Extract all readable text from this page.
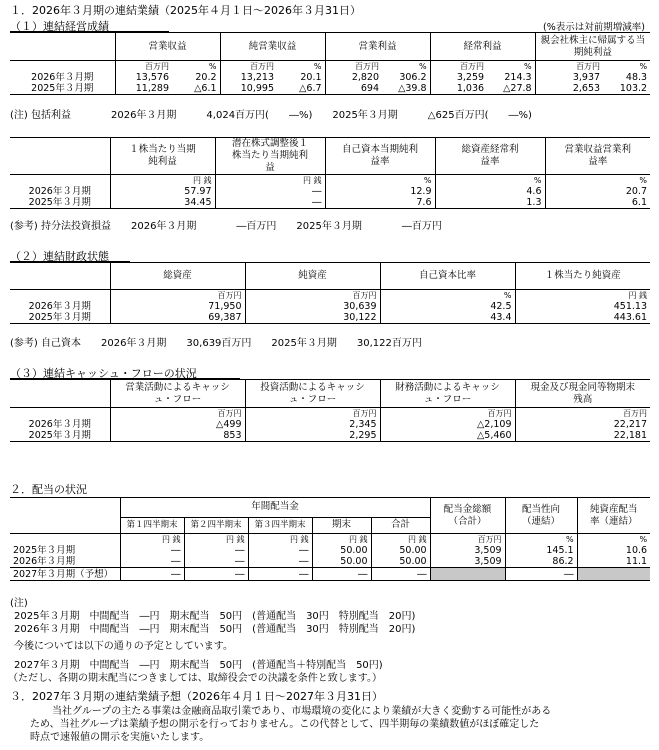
１．2026年３月期の連結業績（2025年４月１日～2026年３月31日）
（１）連結経営成績	(%表示は対前期増減率)
	営業収益		純営業収益		営業利益		経常利益		親会社株主に帰属する当期純利益	
	百万円	%	百万円	%	百万円	%	百万円	%	百万円	%
2026年３月期	13,576	20.2	13,213	20.1	2,820	306.2	3,259	214.3	3,937	48.3
2025年３月期	11,289	△6.1	10,995	△6.7	694	△39.8	1,036	△27.8	2,653	103.2
(注) 包括利益　　　　2026年３月期　　　4,024百万円(　　―%)　　2025年３月期　　　△625百万円(　　―%)
	１株当たり当期純利益	潜在株式調整後１株当たり当期純利益	自己資本当期純利益率	総資産経常利益率	営業収益営業利益率
	円 銭	円 銭	%	%	%
2026年３月期	57.97	―	12.9	4.6	20.7
2025年３月期	34.45	―	7.6	1.3	6.1
(参考) 持分法投資損益　　2026年３月期　　　　―百万円　　2025年３月期　　　　―百万円
（２）連結財政状態
	総資産	純資産	自己資本比率	１株当たり純資産
	百万円	百万円	%	円 銭
2026年３月期	71,950	30,639	42.5	451.13
2025年３月期	69,387	30,122	43.4	443.61
(参考) 自己資本　　2026年３月期　　30,639百万円　　2025年３月期　　30,122百万円
（３）連結キャッシュ・フローの状況
	営業活動によるキャッシュ・フロー	投資活動によるキャッシュ・フロー	財務活動によるキャッシュ・フロー	現金及び現金同等物期末残高
	百万円	百万円	百万円	百万円
2026年３月期	△499	2,345	△2,109	22,217
2025年３月期	853	2,295	△5,460	22,181
２．配当の状況
	年間配当金					配当金総額（合計）	配当性向（連結）	純資産配当率（連結）
	第１四半期末	第２四半期末	第３四半期末	期末	合計			
	円 銭	円 銭	円 銭	円 銭	円 銭	百万円	%	%
2025年３月期	―	―	―	50.00	50.00	3,509	145.1	10.6
2026年３月期	―	―	―	50.00	50.00	3,509	86.2	11.1
2027年３月期（予想）	―	―	―	―	―		―	
(注)
2025年３月期　中間配当　―円　期末配当　50円　(普通配当　30円　特別配当　20円)
2026年３月期　中間配当　―円　期末配当　50円　(普通配当　30円　特別配当　20円)
今後については以下の通りの予定としています。
2027年３月期　中間配当　―円　期末配当　50円　(普通配当＋特別配当　50円)
（ただし、各期の期末配当につきましては、取締役会での決議を条件と致します。）
３．2027年３月期の連結業績予想（2026年４月１日～2027年３月31日）
当社グループの主たる事業は金融商品取引業であり、市場環境の変化により業績が大きく変動する可能性がある
ため、当社グループは業績予想の開示を行っておりません。この代替として、四半期毎の業績数値がほぼ確定した
時点で速報値の開示を実施いたします。
